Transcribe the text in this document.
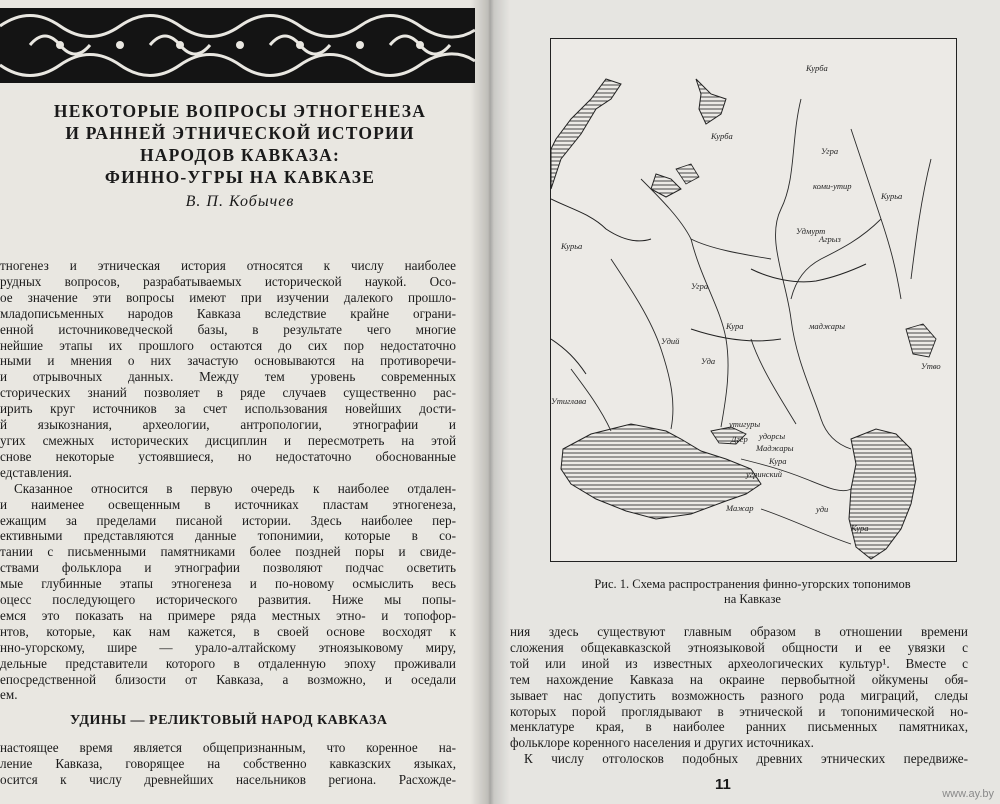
НЕКОТОРЫЕ ВОПРОСЫ ЭТНОГЕНЕЗА
И РАННЕЙ ЭТНИЧЕСКОЙ ИСТОРИИ
НАРОДОВ КАВКАЗА:
ФИННО-УГРЫ НА КАВКАЗЕ
В. П. Кобычев
тногенез и этническая история относятся к числу наиболее
рудных вопросов, разрабатываемых исторической наукой. Осо-
ое значение эти вопросы имеют при изучении далекого прошло-
младописьменных народов Кавказа вследствие крайне ограни-
енной источниковедческой базы, в результате чего многие
нейшие этапы их прошлого остаются до сих пор недостаточно
ными и мнения о них зачастую основываются на противоречи-
и отрывочных данных. Между тем уровень современных
сторических знаний позволяет в ряде случаев существенно рас-
ирить круг источников за счет использования новейших дости-
й языкознания, археологии, антропологии, этнографии и
угих смежных исторических дисциплин и пересмотреть на этой
снове некоторые устоявшиеся, но недостаточно обоснованные
едставления.
Сказанное относится в первую очередь к наиболее отдален-
и наименее освещенным в источниках пластам этногенеза,
ежащим за пределами писаной истории. Здесь наиболее пер-
ективными представляются данные топонимии, которые в со-
тании с письменными памятниками более поздней поры и свиде-
ствами фольклора и этнографии позволяют подчас осветить
мые глубинные этапы этногенеза и по-новому осмыслить весь
оцесс последующего исторического развития. Ниже мы попы-
емся это показать на примере ряда местных этно- и топофор-
нтов, которые, как нам кажется, в своей основе восходят к
нно-угорскому, шире — урало-алтайскому этноязыковому миру,
дельные представители которого в отдаленную эпоху проживали
епосредственной близости от Кавказа, а возможно, и оседали
ем.
УДИНЫ — РЕЛИКТОВЫЙ НАРОД КАВКАЗА
настоящее время является общепризнанным, что коренное на-
ление Кавказа, говорящее на собственно кавказских языках,
осится к числу древнейших насельников региона. Расхожде-
Курба
Курба
Угра
коми-утир
Курьа
Удмурт
Агрыз
Курьа
Угра
Кура
Удий
Уда
маджары
Утиглава
утигуры
удорсы
Маджары
Дгер
Кура
угринский
Мажар	уди
Курa
Утво
Рис. 1. Схема распространения финно-угорских топонимов
на Кавказе
ния здесь существуют главным образом в отношении времени
сложения общекавказской этноязыковой общности и ее увязки с
той или иной из известных археологических культур¹. Вместе с
тем нахождение Кавказа на окраине первобытной ойкумены обя-
зывает нас допустить возможность разного рода миграций, следы
которых порой проглядывают в этнической и топонимической но-
менклатуре края, в наиболее ранних письменных памятниках,
фольклоре коренного населения и других источниках.
К числу отголосков подобных древних этнических передвиже-
11
www.ay.by
